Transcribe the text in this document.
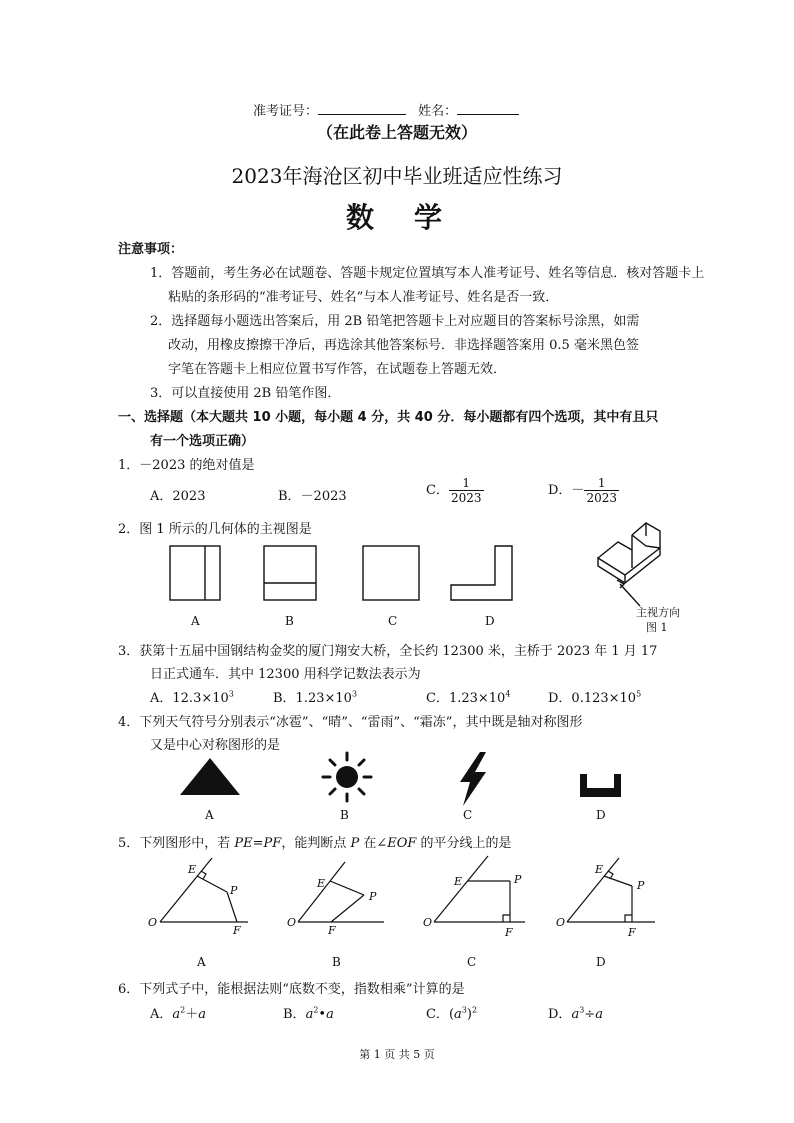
准考证号：	姓名：
（在此卷上答题无效）
2023年海沧区初中毕业班适应性练习
数　学
注意事项：
1．答题前，考生务必在试题卷、答题卡规定位置填写本人准考证号、姓名等信息．核对答题卡上
粘贴的条形码的“准考证号、姓名”与本人准考证号、姓名是否一致．
2．选择题每小题选出答案后，用 2B 铅笔把答题卡上对应题目的答案标号涂黑，如需
改动，用橡皮擦擦干净后，再选涂其他答案标号．非选择题答案用 0.5 毫米黑色签
字笔在答题卡上相应位置书写作答，在试题卷上答题无效．
3．可以直接使用 2B 铅笔作图．
一、选择题（本大题共 10 小题，每小题 4 分，共 40 分．每小题都有四个选项，其中有且只
有一个选项正确）
1．－2023 的绝对值是
A．2023	B．－2023	C． $\frac{1}{2023}$	D．－ $\frac{1}{2023}$
2．图 1 所示的几何体的主视图是
A	B	C	D
主视方向
图 1
3．获第十五届中国钢结构金奖的厦门翔安大桥，全长约 12300 米，主桥于 2023 年 1 月 17
日正式通车．其中 12300 用科学记数法表示为
A．$12.3\times 10^3$	B．$1.23\times 10^3$	C．$1.23\times 10^4$	D．$0.123\times 10^5$
4．下列天气符号分别表示“冰雹”、“晴”、“雷雨”、“霜冻”，其中既是轴对称图形
又是中心对称图形的是
A	B	C	D
5．下列图形中，若 PE=PF，能判断点 P 在∠EOF 的平分线上的是
E
P
O
F
E
P
O
F
E	P
O
F
E
P
O
F
A	B	C	D
6．下列式子中，能根据法则“底数不变，指数相乘”计算的是
A．$a^2+a$	B．$a^2•a$	C．$(a^3)^2$	D．$a^3\div a$
第 1 页 共 5 页
